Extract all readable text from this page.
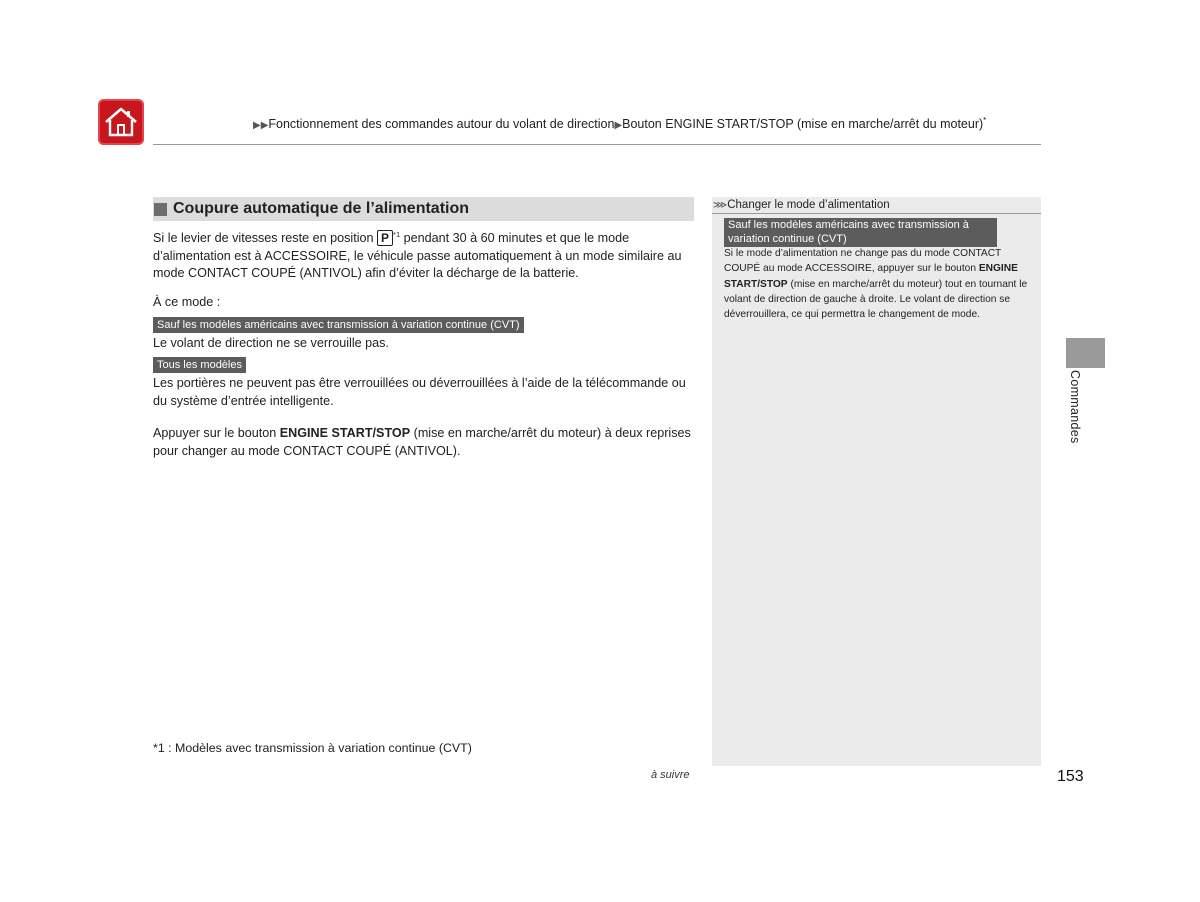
▶▶Fonctionnement des commandes autour du volant de direction▶Bouton ENGINE START/STOP (mise en marche/arrêt du moteur)*
Coupure automatique de l’alimentation
Si le levier de vitesses reste en position P $^{*1}$ pendant 30 à 60 minutes et que le mode d’alimentation est à ACCESSOIRE, le véhicule passe automatiquement à un mode similaire au mode CONTACT COUPÉ (ANTIVOL) afin d’éviter la décharge de la batterie.
À ce mode :
Sauf les modèles américains avec transmission à variation continue (CVT)
Le volant de direction ne se verrouille pas.
Tous les modèles
Les portières ne peuvent pas être verrouillées ou déverrouillées à l’aide de la télécommande ou du système d’entrée intelligente.
Appuyer sur le bouton ENGINE START/STOP (mise en marche/arrêt du moteur) à deux reprises pour changer au mode CONTACT COUPÉ (ANTIVOL).
⋙Changer le mode d’alimentation
Sauf les modèles américains avec transmission à variation continue (CVT)
Si le mode d’alimentation ne change pas du mode CONTACT COUPÉ au mode ACCESSOIRE, appuyer sur le bouton ENGINE START/STOP (mise en marche/arrêt du moteur) tout en tournant le volant de direction de gauche à droite. Le volant de direction se déverrouillera, ce qui permettra le changement de mode.
Commandes
*1 : Modèles avec transmission à variation continue (CVT)
à suivre	153
